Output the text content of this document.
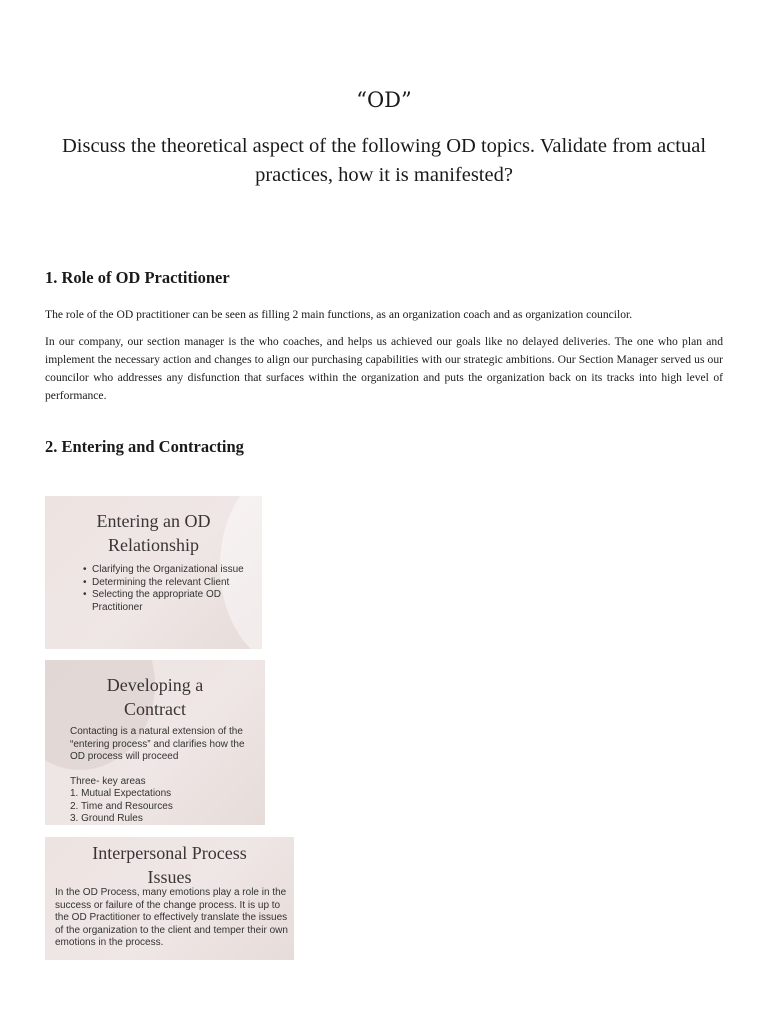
“OD”
Discuss the theoretical aspect of the following OD topics. Validate from actual practices, how it is manifested?
1. Role of OD Practitioner
The role of the OD practitioner can be seen as filling 2 main functions, as an organization coach and as organization councilor.
In our company, our section manager is the who coaches, and helps us achieved our goals like no delayed deliveries. The one who plan and implement the necessary action and changes to align our purchasing capabilities with our strategic ambitions. Our Section Manager served us our councilor who addresses any disfunction that surfaces within the organization and puts the organization back on its tracks into high level of performance.
2. Entering and Contracting
Entering an OD
Relationship
• Clarifying the Organizational issue
• Determining the relevant Client
• Selecting the appropriate OD Practitioner
Developing a
Contract
Contacting is a natural extension of the “entering process” and clarifies how the OD process will proceed
Three- key areas
1. Mutual Expectations
2. Time and Resources
3. Ground Rules
Interpersonal Process
Issues
In the OD Process, many emotions play a role in the success or failure of the change process. It is up to the OD Practitioner to effectively translate the issues of the organization to the client and temper their own emotions in the process.
